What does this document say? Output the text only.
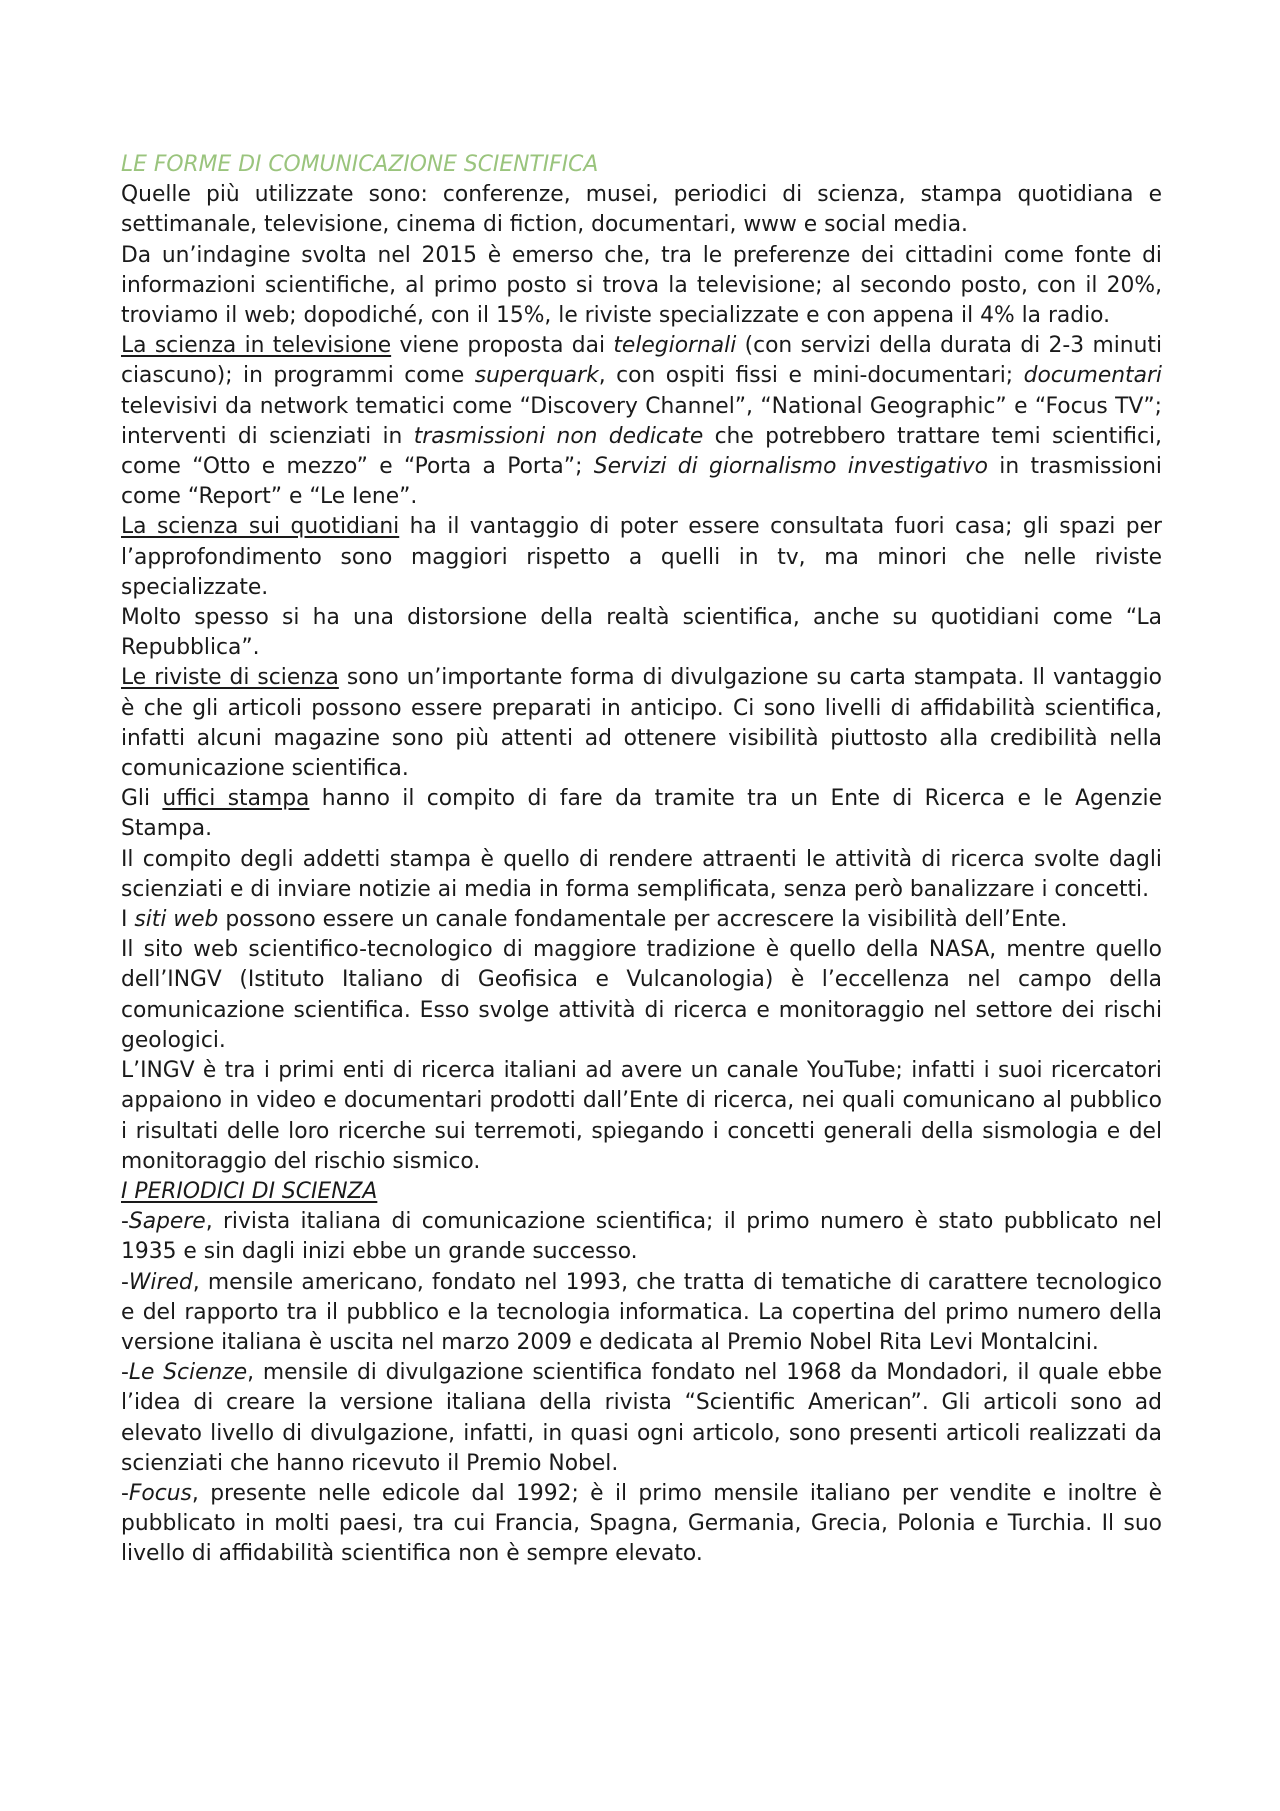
LE FORME DI COMUNICAZIONE SCIENTIFICA

Quelle più utilizzate sono: conferenze, musei, periodici di scienza, stampa quotidiana e settimanale, televisione, cinema di fiction, documentari, www e social media.

Da un’indagine svolta nel 2015 è emerso che, tra le preferenze dei cittadini come fonte di informazioni scientifiche, al primo posto si trova la televisione; al secondo posto, con il 20%, troviamo il web; dopodiché, con il 15%, le riviste specializzate e con appena il 4% la radio.

La scienza in televisione viene proposta dai telegiornali (con servizi della durata di 2-3 minuti ciascuno); in programmi come superquark, con ospiti fissi e mini-documentari; documentari televisivi da network tematici come “Discovery Channel”, “National Geographic” e “Focus TV”; interventi di scienziati in trasmissioni non dedicate che potrebbero trattare temi scientifici, come “Otto e mezzo” e “Porta a Porta”; Servizi di giornalismo investigativo in trasmissioni come “Report” e “Le Iene”.

La scienza sui quotidiani ha il vantaggio di poter essere consultata fuori casa; gli spazi per l’approfondimento sono maggiori rispetto a quelli in tv, ma minori che nelle riviste specializzate.

Molto spesso si ha una distorsione della realtà scientifica, anche su quotidiani come “La Repubblica”.

Le riviste di scienza sono un’importante forma di divulgazione su carta stampata. Il vantaggio è che gli articoli possono essere preparati in anticipo. Ci sono livelli di affidabilità scientifica, infatti alcuni magazine sono più attenti ad ottenere visibilità piuttosto alla credibilità nella comunicazione scientifica.

Gli uffici stampa hanno il compito di fare da tramite tra un Ente di Ricerca e le Agenzie Stampa.

Il compito degli addetti stampa è quello di rendere attraenti le attività di ricerca svolte dagli scienziati e di inviare notizie ai media in forma semplificata, senza però banalizzare i concetti.

I siti web possono essere un canale fondamentale per accrescere la visibilità dell’Ente.

Il sito web scientifico-tecnologico di maggiore tradizione è quello della NASA, mentre quello dell’INGV (Istituto Italiano di Geofisica e Vulcanologia) è l’eccellenza nel campo della comunicazione scientifica. Esso svolge attività di ricerca e monitoraggio nel settore dei rischi geologici.

L’INGV è tra i primi enti di ricerca italiani ad avere un canale YouTube; infatti i suoi ricercatori appaiono in video e documentari prodotti dall’Ente di ricerca, nei quali comunicano al pubblico i risultati delle loro ricerche sui terremoti, spiegando i concetti generali della sismologia e del monitoraggio del rischio sismico.

I PERIODICI DI SCIENZA

-Sapere, rivista italiana di comunicazione scientifica; il primo numero è stato pubblicato nel 1935 e sin dagli inizi ebbe un grande successo.

-Wired, mensile americano, fondato nel 1993, che tratta di tematiche di carattere tecnologico e del rapporto tra il pubblico e la tecnologia informatica. La copertina del primo numero della versione italiana è uscita nel marzo 2009 e dedicata al Premio Nobel Rita Levi Montalcini.

-Le Scienze, mensile di divulgazione scientifica fondato nel 1968 da Mondadori, il quale ebbe l’idea di creare la versione italiana della rivista “Scientific American”. Gli articoli sono ad elevato livello di divulgazione, infatti, in quasi ogni articolo, sono presenti articoli realizzati da scienziati che hanno ricevuto il Premio Nobel.

-Focus, presente nelle edicole dal 1992; è il primo mensile italiano per vendite e inoltre è pubblicato in molti paesi, tra cui Francia, Spagna, Germania, Grecia, Polonia e Turchia. Il suo livello di affidabilità scientifica non è sempre elevato.
